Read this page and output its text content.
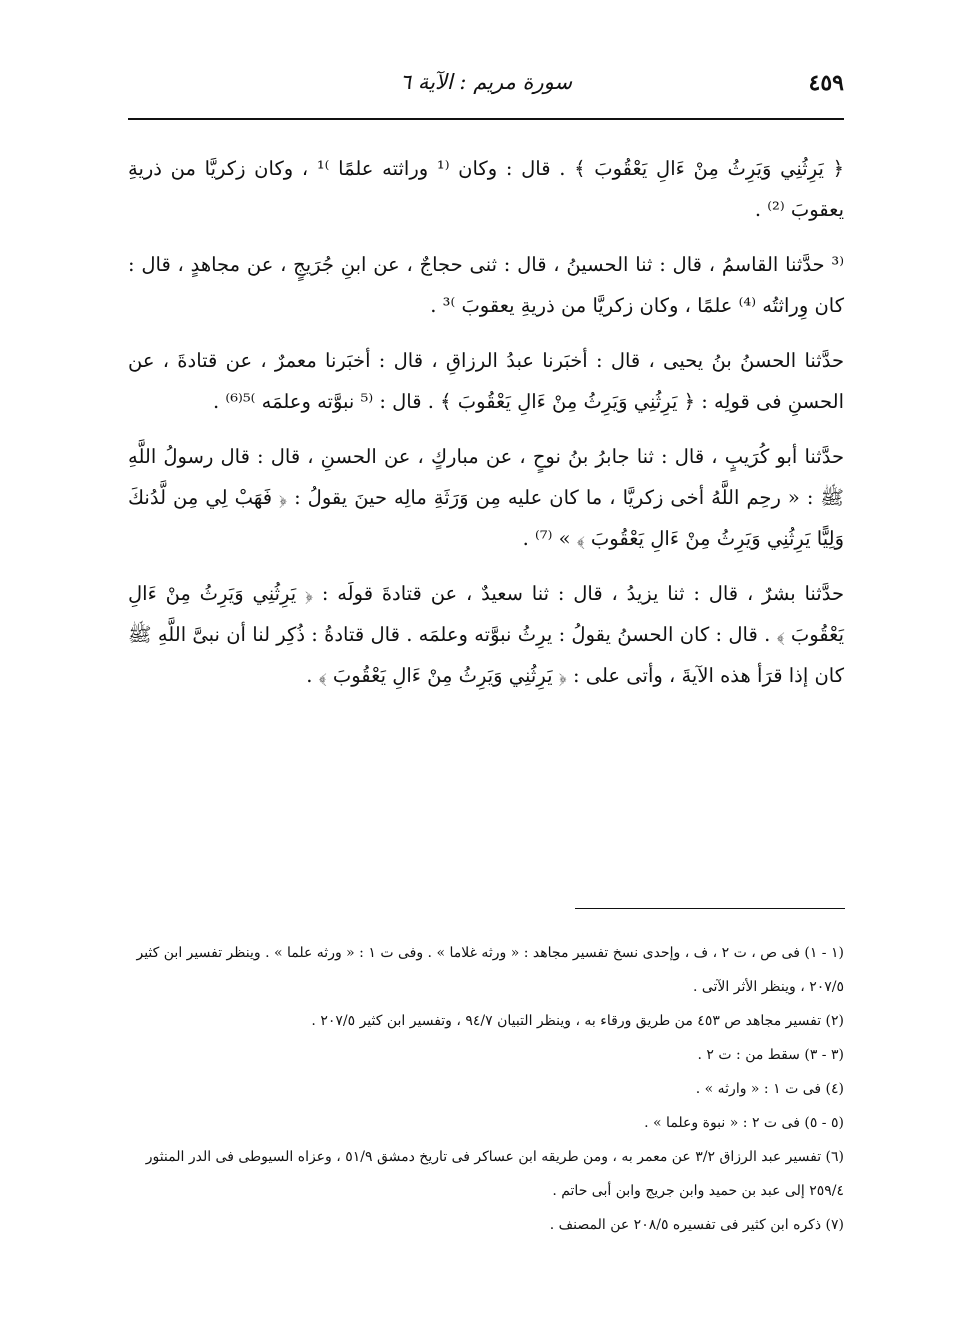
سورة مريم : الآية ٦	٤٥٩

﴿ يَرِثُنِي وَيَرِثُ مِنْ ءَالِ يَعْقُوبَ ﴾ . قال : وكان ⁽¹ وراثته علمًا ⁾¹ ، وكان زكريَّا من ذريةِ يعقوبَ ⁽²⁾ .

⁽³ حدَّثنا القاسمُ ، قال : ثنا الحسينُ ، قال : ثنى حجاجٌ ، عن ابنِ جُرَيجٍ ، عن مجاهدٍ ، قال : كان وِراثتُه ⁽⁴⁾ علمًا ، وكان زكريَّا من ذريةِ يعقوبَ ⁾³ .

حدَّثنا الحسنُ بنُ يحيى ، قال : أخبَرنا عبدُ الرزاقِ ، قال : أخبَرنا معمرٌ ، عن قتادةَ ، عن الحسنِ فى قولِه : ﴿ يَرِثُنِي وَيَرِثُ مِنْ ءَالِ يَعْقُوبَ ﴾ . قال : ⁽⁵ نبوَّته وعلمَه ⁾⁵⁽⁶⁾ .

حدَّثنا أبو كُرَيبٍ ، قال : ثنا جابرُ بنُ نوحٍ ، عن مباركٍ ، عن الحسنِ ، قال : قال رسولُ اللَّهِ ﷺ : « رحِم اللَّهُ أخى زكريَّا ، ما كان عليه مِن وَرَثَةِ مالِه حينَ يقولُ : ﴿ فَهَبْ لِي مِن لَّدُنكَ وَلِيًّا يَرِثُنِي وَيَرِثُ مِنْ ءَالِ يَعْقُوبَ ﴾ » ⁽⁷⁾ .

حدَّثنا بشرٌ ، قال : ثنا يزيدُ ، قال : ثنا سعيدٌ ، عن قتادةَ قولَه : ﴿ يَرِثُنِي وَيَرِثُ مِنْ ءَالِ يَعْقُوبَ ﴾ . قال : كان الحسنُ يقولُ : يرِثُ نبوَّته وعلمَه . قال قتادةُ : ذُكِر لنا أن نبىَّ اللَّهِ ﷺ كان إذا قرَأ هذه الآيةَ ، وأتى على : ﴿ يَرِثُنِي وَيَرِثُ مِنْ ءَالِ يَعْقُوبَ ﴾ .

(١ - ١) فى ص ، ت ٢ ، ف ، وإحدى نسخ تفسير مجاهد : « ورثه غلاما » . وفى ت ١ : « ورثه علما » . وينظر تفسير ابن كثير ٢٠٧/٥ ، وينظر الأثر الآتى .

(٢) تفسير مجاهد ص ٤٥٣ من طريق ورقاء به ، وينظر التبيان ٩٤/٧ ، وتفسير ابن كثير ٢٠٧/٥ .

(٣ - ٣) سقط من : ت ٢ .

(٤) فى ت ١ : « وارثه » .

(٥ - ٥) فى ت ٢ : « نبوة وعلما » .

(٦) تفسير عبد الرزاق ٣/٢ عن معمر به ، ومن طريقه ابن عساكر فى تاريخ دمشق ٥١/٩ ، وعزاه السيوطى فى الدر المنثور ٢٥٩/٤ إلى عبد بن حميد وابن جريج وابن أبى حاتم .

(٧) ذكره ابن كثير فى تفسيره ٢٠٨/٥ عن المصنف .
